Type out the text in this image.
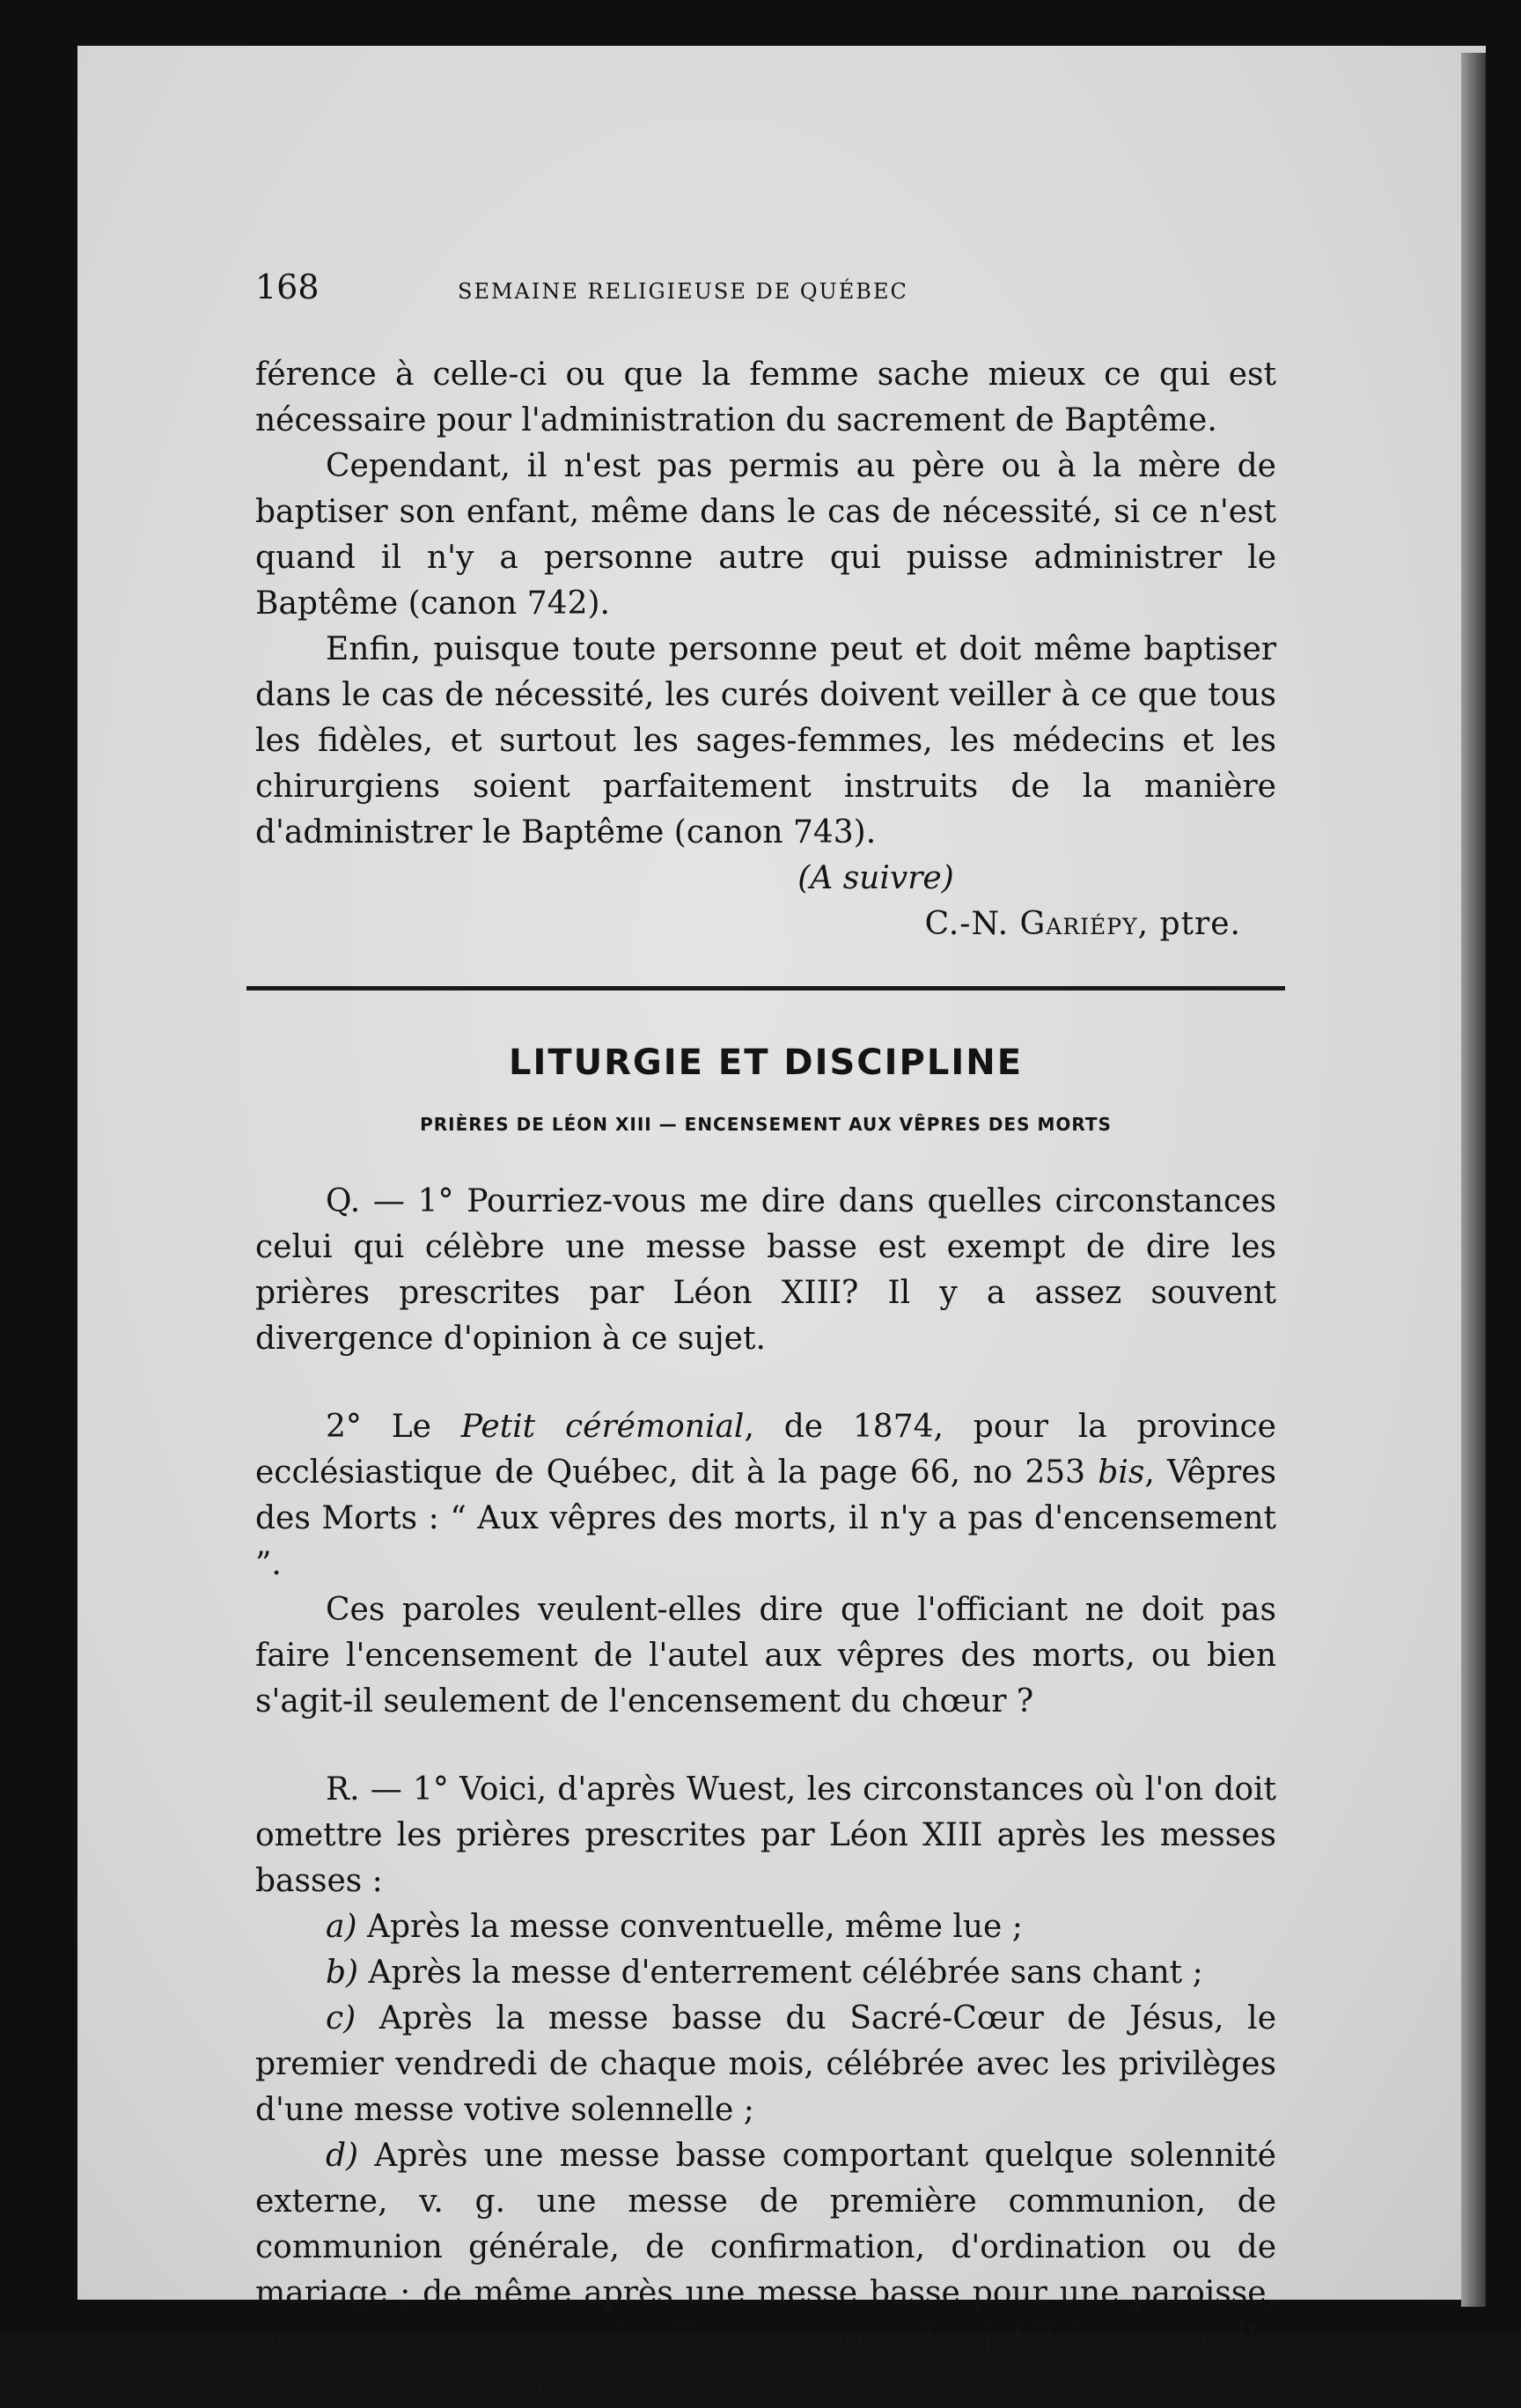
168	SEMAINE RELIGIEUSE DE QUÉBEC

férence à celle-ci ou que la femme sache mieux ce qui est nécessaire pour l'administration du sacrement de Baptême.

Cependant, il n'est pas permis au père ou à la mère de baptiser son enfant, même dans le cas de nécessité, si ce n'est quand il n'y a personne autre qui puisse administrer le Baptême (canon 742).

Enfin, puisque toute personne peut et doit même baptiser dans le cas de nécessité, les curés doivent veiller à ce que tous les fidèles, et surtout les sages-femmes, les médecins et les chirurgiens soient parfaitement instruits de la manière d'administrer le Baptême (canon 743).

(A suivre)

C.-N. Gariépy, ptre.

LITURGIE ET DISCIPLINE
PRIÈRES DE LÉON XIII — ENCENSEMENT AUX VÊPRES DES MORTS

Q. — 1° Pourriez-vous me dire dans quelles circonstances celui qui célèbre une messe basse est exempt de dire les prières prescrites par Léon XIII? Il y a assez souvent divergence d'opinion à ce sujet.

2° Le Petit cérémonial, de 1874, pour la province ecclésiastique de Québec, dit à la page 66, no 253 bis, Vêpres des Morts : “ Aux vêpres des morts, il n'y a pas d'encensement ”.

Ces paroles veulent-elles dire que l'officiant ne doit pas faire l'encensement de l'autel aux vêpres des morts, ou bien s'agit-il seulement de l'encensement du chœur ?

R. — 1° Voici, d'après Wuest, les circonstances où l'on doit omettre les prières prescrites par Léon XIII après les messes basses :

a) Après la messe conventuelle, même lue ;

b) Après la messe d'enterrement célébrée sans chant ;

c) Après la messe basse du Sacré-Cœur de Jésus, le premier vendredi de chaque mois, célébrée avec les privilèges d'une messe votive solennelle ;

d) Après une messe basse comportant quelque solennité externe, v. g. une messe de première communion, de communion générale, de confirmation, d'ordination ou de mariage ; de même après une messe basse pour une paroisse, pour une communauté religieuse, pour des jubilaires ou celle d'un nouveau prêtre, si
